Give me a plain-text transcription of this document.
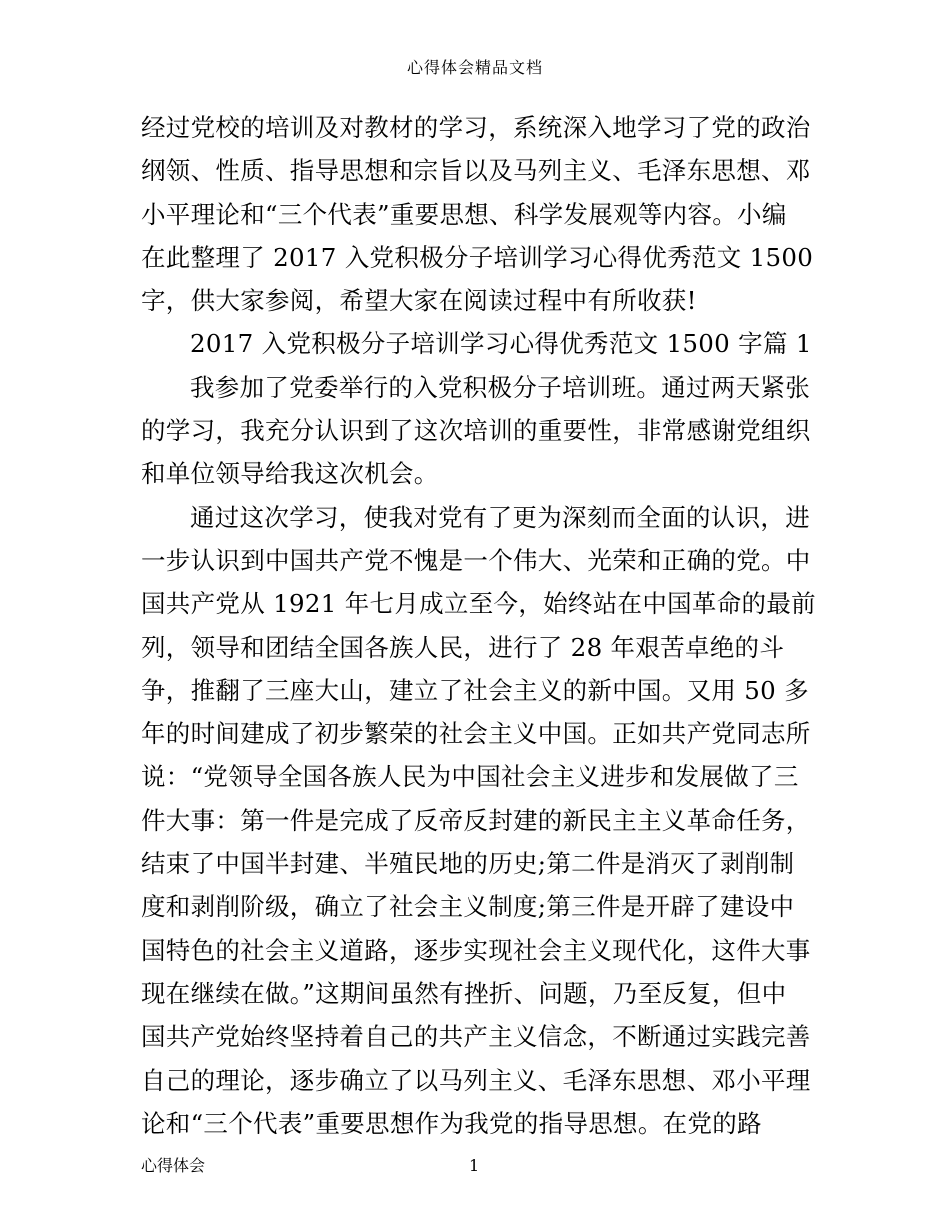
心得体会精品文档
经过党校的培训及对教材的学习，系统深入地学习了党的政治
纲领、性质、指导思想和宗旨以及马列主义、毛泽东思想、邓
小平理论和“三个代表”重要思想、科学发展观等内容。小编
在此整理了 2017 入党积极分子培训学习心得优秀范文 1500
字，供大家参阅，希望大家在阅读过程中有所收获!
2017 入党积极分子培训学习心得优秀范文 1500 字篇 1
我参加了党委举行的入党积极分子培训班。通过两天紧张
的学习，我充分认识到了这次培训的重要性，非常感谢党组织
和单位领导给我这次机会。
通过这次学习，使我对党有了更为深刻而全面的认识，进
一步认识到中国共产党不愧是一个伟大、光荣和正确的党。中
国共产党从 1921 年七月成立至今，始终站在中国革命的最前
列，领导和团结全国各族人民，进行了 28 年艰苦卓绝的斗
争，推翻了三座大山，建立了社会主义的新中国。又用 50 多
年的时间建成了初步繁荣的社会主义中国。正如共产党同志所
说：“党领导全国各族人民为中国社会主义进步和发展做了三
件大事：第一件是完成了反帝反封建的新民主主义革命任务，
结束了中国半封建、半殖民地的历史;第二件是消灭了剥削制
度和剥削阶级，确立了社会主义制度;第三件是开辟了建设中
国特色的社会主义道路，逐步实现社会主义现代化，这件大事
现在继续在做。”这期间虽然有挫折、问题，乃至反复，但中
国共产党始终坚持着自己的共产主义信念，不断通过实践完善
自己的理论，逐步确立了以马列主义、毛泽东思想、邓小平理
论和“三个代表”重要思想作为我党的指导思想。在党的路
心得体会	1
